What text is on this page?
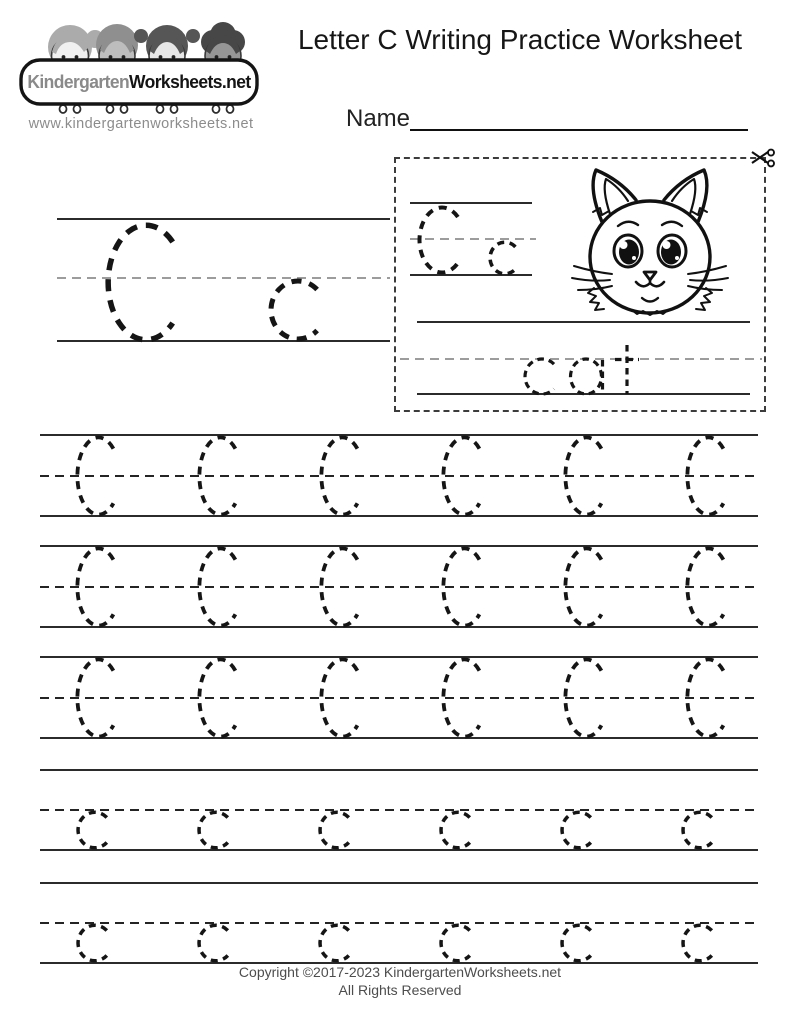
Kindergarten Worksheets.net
www.kindergartenworksheets.net
Letter C Writing Practice Worksheet
Name
Copyright ©2017-2023 KindergartenWorksheets.net
All Rights Reserved
